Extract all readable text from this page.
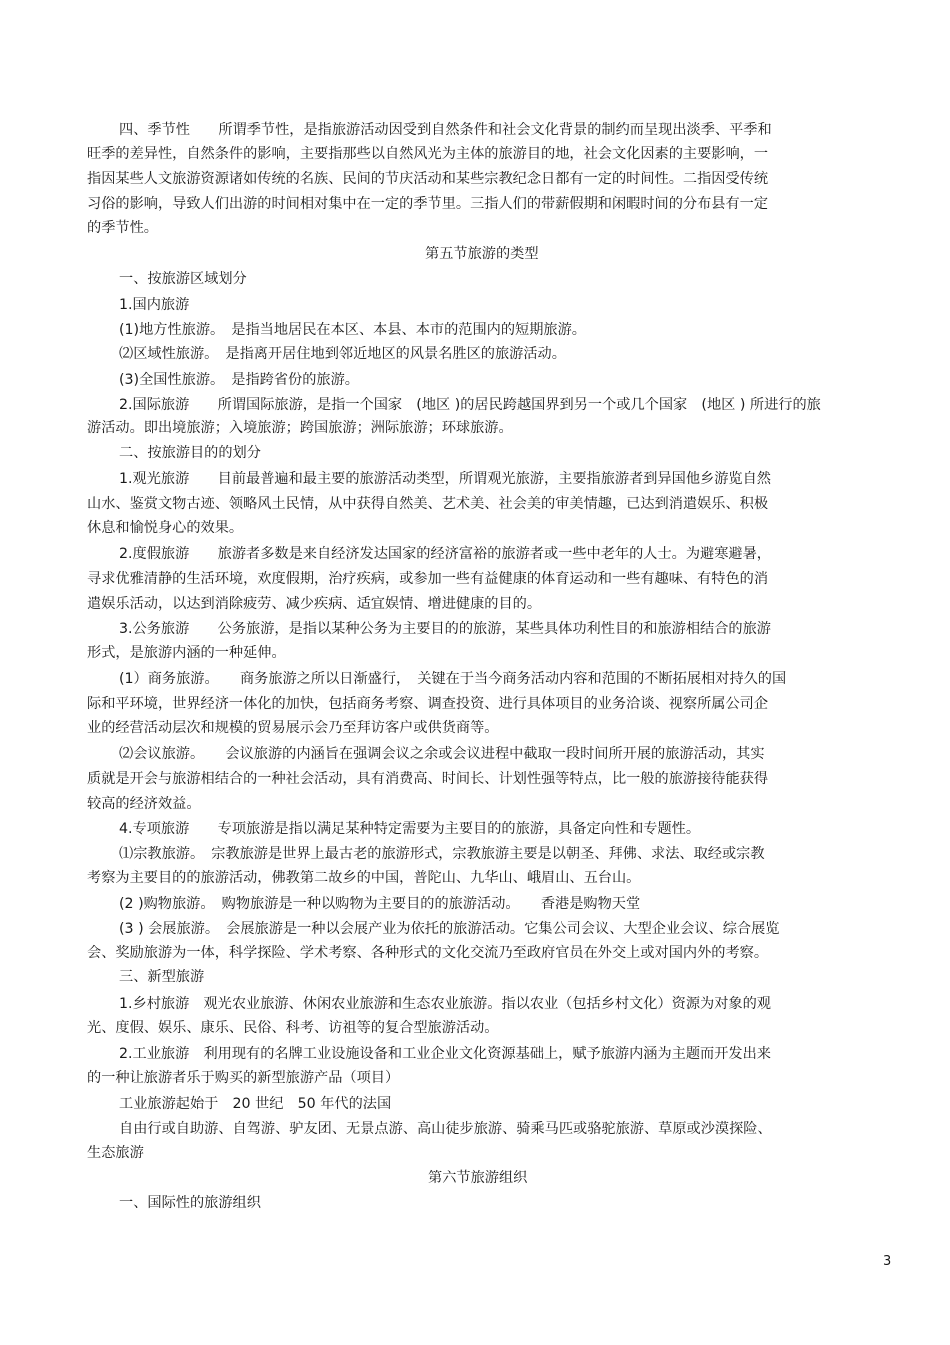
四、季节性　　所谓季节性，是指旅游活动因受到自然条件和社会文化背景的制约而呈现出淡季、平季和
旺季的差异性，自然条件的影响，主要指那些以自然风光为主体的旅游目的地，社会文化因素的主要影响，一
指因某些人文旅游资源诸如传统的名族、民间的节庆活动和某些宗教纪念日都有一定的时间性。二指因受传统
习俗的影响，导致人们出游的时间相对集中在一定的季节里。三指人们的带薪假期和闲暇时间的分布县有一定
的季节性。
第五节旅游的类型
一、按旅游区域划分
1.国内旅游
(1)地方性旅游。　是指当地居民在本区、本县、本市的范围内的短期旅游。
⑵区域性旅游。　是指离开居住地到邻近地区的风景名胜区的旅游活动。
(3)全国性旅游。　是指跨省份的旅游。
2.国际旅游　　所谓国际旅游，是指一个国家　(地区 )的居民跨越国界到另一个或几个国家　(地区 ) 所进行的旅
游活动。即出境旅游；入境旅游；跨国旅游；洲际旅游；环球旅游。
二、按旅游目的的划分
1.观光旅游　　目前最普遍和最主要的旅游活动类型，所谓观光旅游，主要指旅游者到异国他乡游览自然
山水、鉴赏文物古迹、领略风土民情，从中获得自然美、艺术美、社会美的审美情趣，已达到消遣娱乐、积极
休息和愉悦身心的效果。
2.度假旅游　　旅游者多数是来自经济发达国家的经济富裕的旅游者或一些中老年的人士。为避寒避暑，
寻求优雅清静的生活环境，欢度假期，治疗疾病，或参加一些有益健康的体育运动和一些有趣味、有特色的消
遣娱乐活动，以达到消除疲劳、减少疾病、适宜娱情、增进健康的目的。
3.公务旅游　　公务旅游，是指以某种公务为主要目的的旅游，某些具体功利性目的和旅游相结合的旅游
形式，是旅游内涵的一种延伸。
(1）商务旅游。　　商务旅游之所以日渐盛行，　关键在于当今商务活动内容和范围的不断拓展相对持久的国
际和平环境，世界经济一体化的加快，包括商务考察、调查投资、进行具体项目的业务洽谈、视察所属公司企
业的经营活动层次和规模的贸易展示会乃至拜访客户或供货商等。
⑵会议旅游。　　会议旅游的内涵旨在强调会议之余或会议进程中截取一段时间所开展的旅游活动，其实
质就是开会与旅游相结合的一种社会活动，具有消费高、时间长、计划性强等特点，比一般的旅游接待能获得
较高的经济效益。
4.专项旅游　　专项旅游是指以满足某种特定需要为主要目的的旅游，具备定向性和专题性。
⑴宗教旅游。　宗教旅游是世界上最古老的旅游形式，宗教旅游主要是以朝圣、拜佛、求法、取经或宗教
考察为主要目的的旅游活动，佛教第二故乡的中国，普陀山、九华山、峨眉山、五台山。
(2 )购物旅游。　购物旅游是一种以购物为主要目的的旅游活动。　　香港是购物天堂
(3 ) 会展旅游。　会展旅游是一种以会展产业为依托的旅游活动。它集公司会议、大型企业会议、综合展览
会、奖励旅游为一体，科学探险、学术考察、各种形式的文化交流乃至政府官员在外交上或对国内外的考察。
三、新型旅游
1.乡村旅游　观光农业旅游、休闲农业旅游和生态农业旅游。指以农业（包括乡村文化）资源为对象的观
光、度假、娱乐、康乐、民俗、科考、访祖等的复合型旅游活动。
2.工业旅游　利用现有的名牌工业设施设备和工业企业文化资源基础上，赋予旅游内涵为主题而开发出来
的一种让旅游者乐于购买的新型旅游产品（项目）
工业旅游起始于　20 世纪　50 年代的法国
自由行或自助游、自驾游、驴友团、无景点游、高山徒步旅游、骑乘马匹或骆驼旅游、草原或沙漠探险、
生态旅游
第六节旅游组织
一、国际性的旅游组织
3
